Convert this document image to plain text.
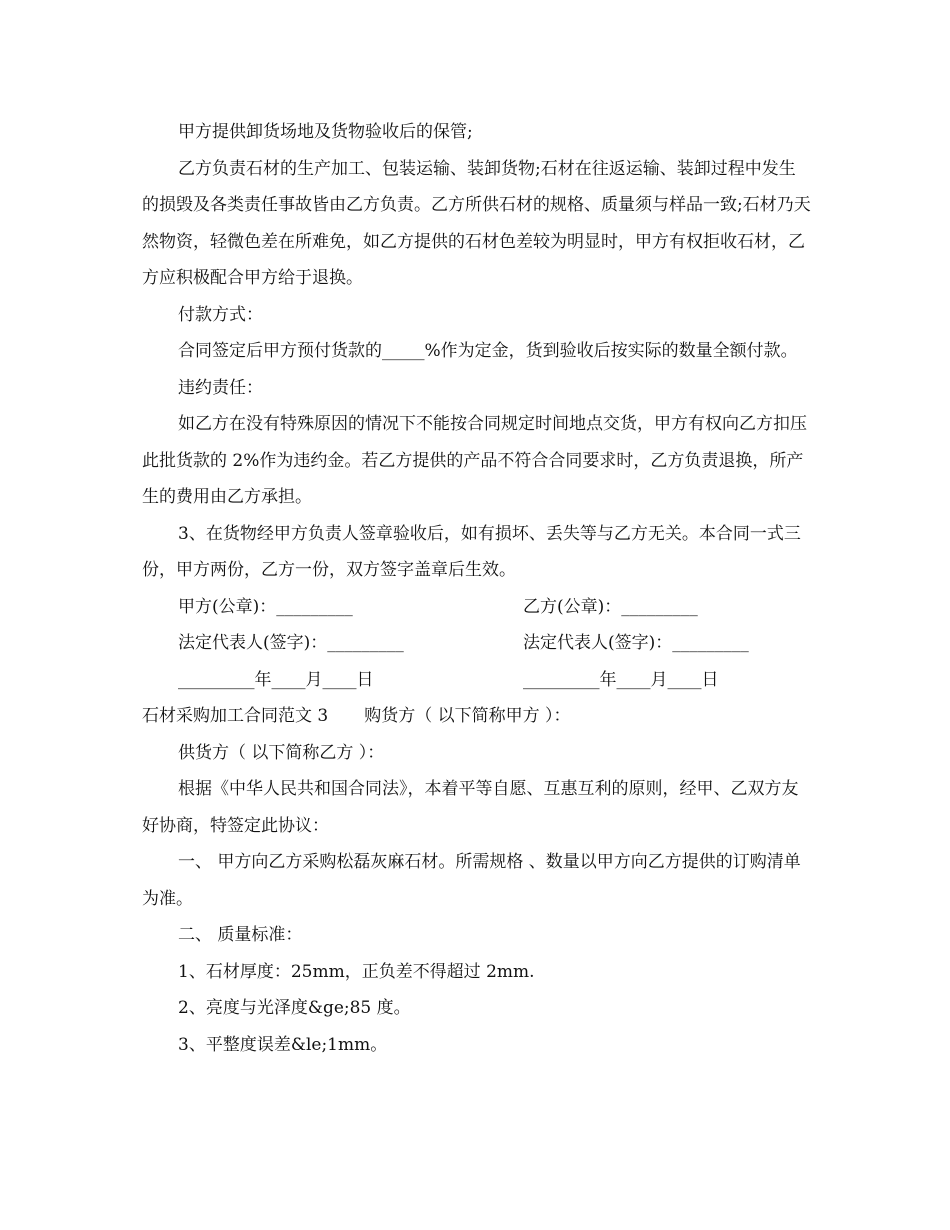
甲方提供卸货场地及货物验收后的保管;

乙方负责石材的生产加工、包装运输、装卸货物;石材在往返运输、装卸过程中发生的损毁及各类责任事故皆由乙方负责。乙方所供石材的规格、质量须与样品一致;石材乃天然物资，轻微色差在所难免，如乙方提供的石材色差较为明显时，甲方有权拒收石材，乙方应积极配合甲方给于退换。

付款方式：

合同签定后甲方预付货款的_____%作为定金，货到验收后按实际的数量全额付款。

违约责任：

如乙方在没有特殊原因的情况下不能按合同规定时间地点交货，甲方有权向乙方扣压此批货款的 2%作为违约金。若乙方提供的产品不符合合同要求时，乙方负责退换，所产生的费用由乙方承担。

3、在货物经甲方负责人签章验收后，如有损坏、丢失等与乙方无关。本合同一式三份，甲方两份，乙方一份，双方签字盖章后生效。

甲方(公章)：_________	乙方(公章)：_________
法定代表人(签字)：_________	法定代表人(签字)：_________
_________年____月____日	_________年____月____日

石材采购加工合同范文 3 购货方（ 以下简称甲方 ）：

供货方（ 以下简称乙方 ）：

根据《中华人民共和国合同法》，本着平等自愿、互惠互利的原则，经甲、乙双方友好协商，特签定此协议：

一、 甲方向乙方采购松磊灰麻石材。所需规格 、数量以甲方向乙方提供的订购清单为准。

二、 质量标准：

1、石材厚度：25mm，正负差不得超过 2mm.

2、亮度与光泽度&ge;85 度。

3、平整度误差&le;1mm。
